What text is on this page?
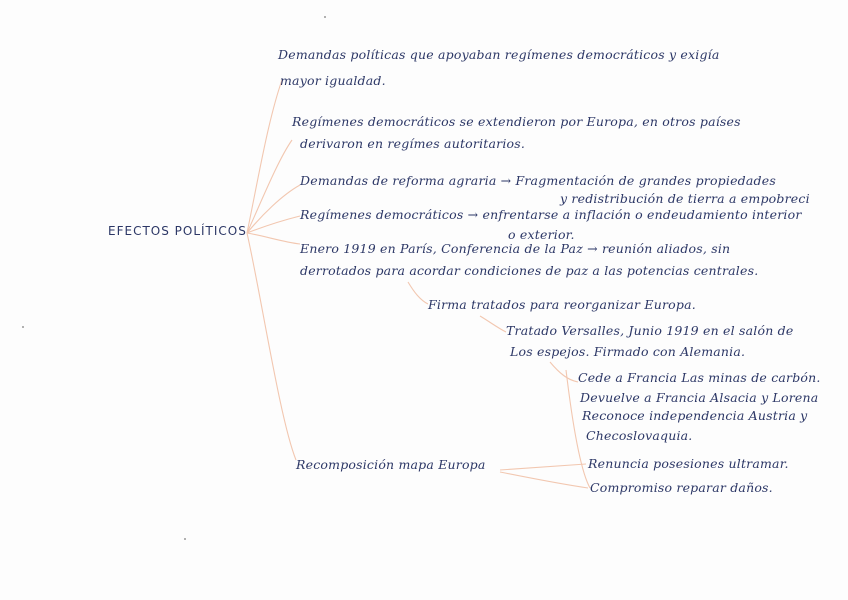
EFECTOS POLÍTICOS
Demandas políticas que apoyaban regímenes democráticos y exigía
mayor igualdad.
Regímenes democráticos se extendieron por Europa, en otros países
derivaron en regímes autoritarios.
Demandas de reforma agraria → Fragmentación de grandes propiedades
y redistribución de tierra a empobreci
Regímenes democráticos → enfrentarse a inflación o endeudamiento interior
o exterior.
Enero 1919 en París, Conferencia de la Paz → reunión aliados, sin
derrotados para acordar condiciones de paz a las potencias centrales.
Firma tratados para reorganizar Europa.
Tratado Versalles, Junio 1919 en el salón de
Los espejos. Firmado con Alemania.
Cede a Francia Las minas de carbón.
Devuelve a Francia Alsacia y Lorena
Reconoce independencia Austria y
Checoslovaquia.
Renuncia posesiones ultramar.
Compromiso reparar daños.
Recomposición mapa Europa
